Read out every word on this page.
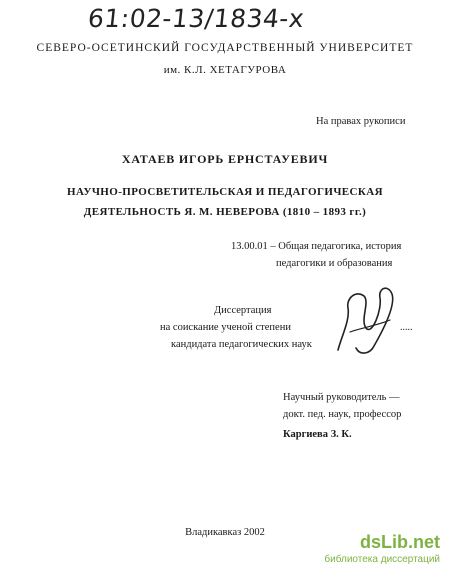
61:02-13/1834-x
СЕВЕРО-ОСЕТИНСКИЙ ГОСУДАРСТВЕННЫЙ УНИВЕРСИТЕТ
им. К.Л. ХЕТАГУРОВА
На правах рукописи
ХАТАЕВ ИГОРЬ ЕРНСТАУЕВИЧ
НАУЧНО-ПРОСВЕТИТЕЛЬСКАЯ И ПЕДАГОГИЧЕСКАЯ
ДЕЯТЕЛЬНОСТЬ Я. М. НЕВЕРОВА (1810 – 1893 гг.)
13.00.01 – Общая педагогика, история
педагогики и образования
Диссертация
на соискание ученой степени
кандидата педагогических наук
.....
Научный руководитель —
докт. пед. наук, профессор
Каргиева З. К.
Владикавказ 2002	dsLib.net
библиотека диссертаций
